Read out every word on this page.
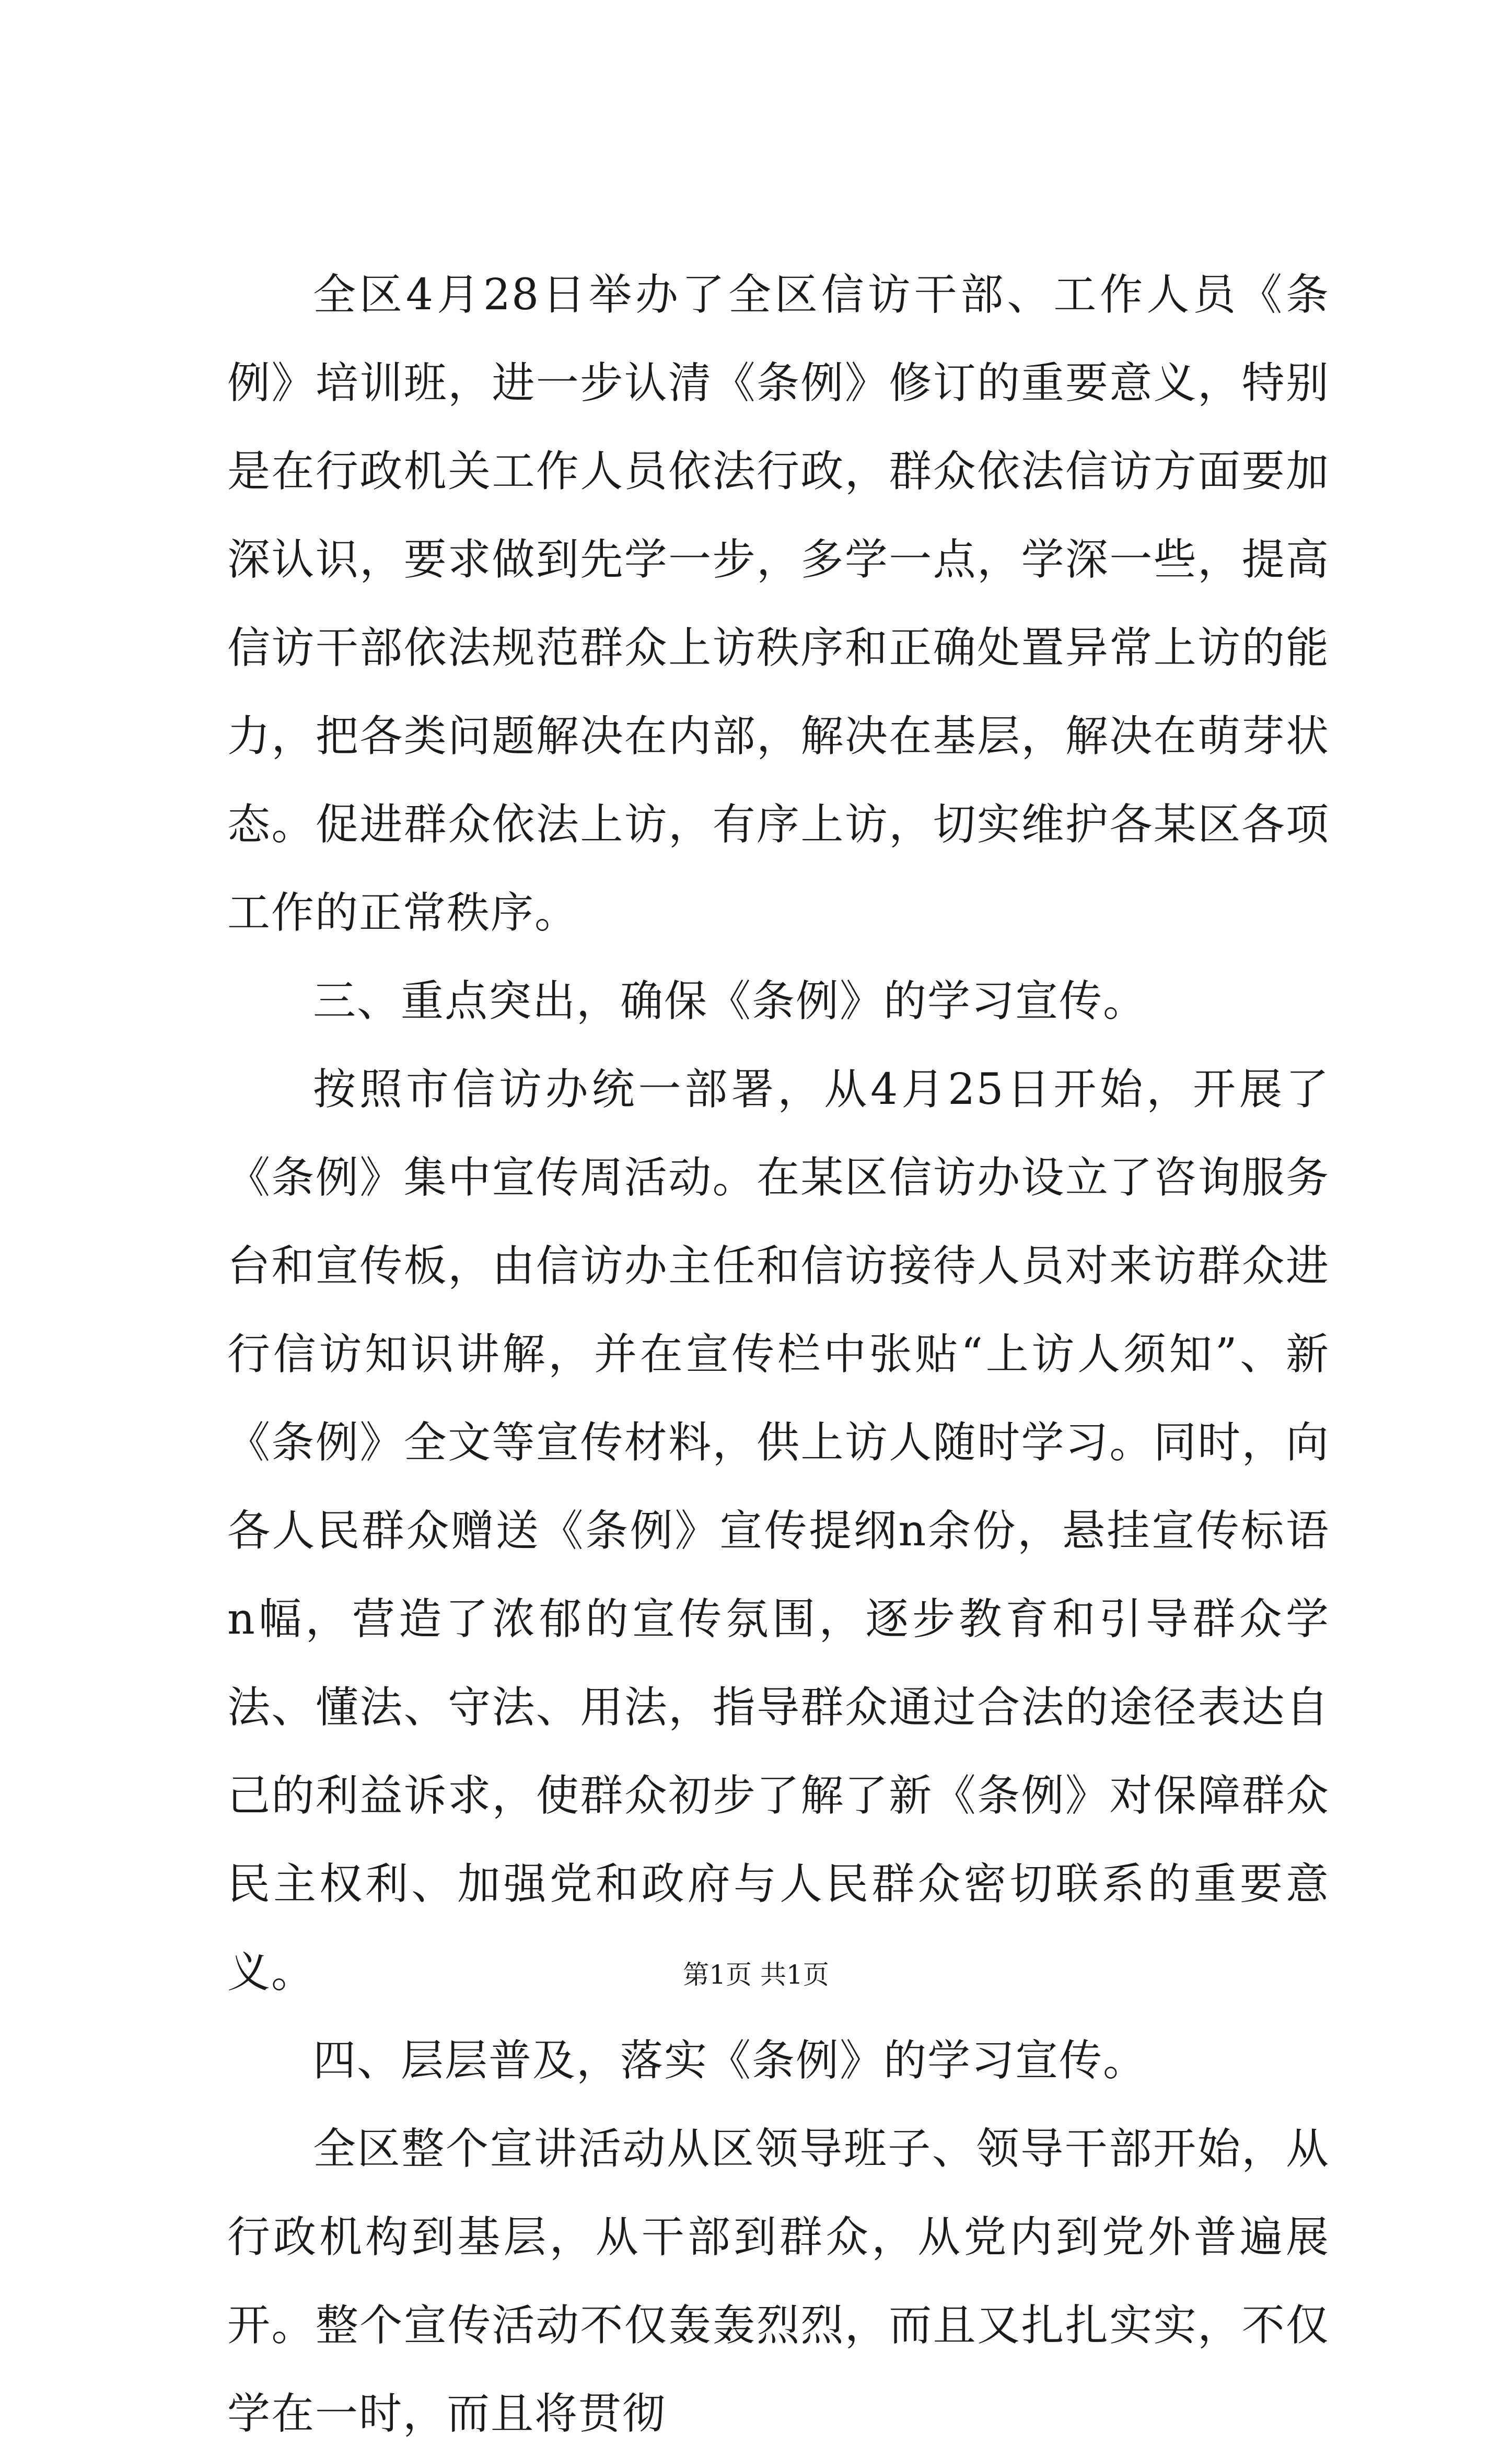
全区4月28日举办了全区信访干部、工作人员《条例》培训班，进一步认清《条例》修订的重要意义，特别是在行政机关工作人员依法行政，群众依法信访方面要加深认识，要求做到先学一步，多学一点，学深一些，提高信访干部依法规范群众上访秩序和正确处置异常上访的能力，把各类问题解决在内部，解决在基层，解决在萌芽状态。促进群众依法上访，有序上访，切实维护各某区各项工作的正常秩序。

三、重点突出，确保《条例》的学习宣传。

按照市信访办统一部署，从4月25日开始，开展了《条例》集中宣传周活动。在某区信访办设立了咨询服务台和宣传板，由信访办主任和信访接待人员对来访群众进行信访知识讲解，并在宣传栏中张贴“上访人须知”、新《条例》全文等宣传材料，供上访人随时学习。同时，向各人民群众赠送《条例》宣传提纲n余份，悬挂宣传标语n幅，营造了浓郁的宣传氛围，逐步教育和引导群众学法、懂法、守法、用法，指导群众通过合法的途径表达自己的利益诉求，使群众初步了解了新《条例》对保障群众民主权利、加强党和政府与人民群众密切联系的重要意义。

四、层层普及，落实《条例》的学习宣传。

全区整个宣讲活动从区领导班子、领导干部开始，从行政机构到基层，从干部到群众，从党内到党外普遍展开。整个宣传活动不仅轰轰烈烈，而且又扎扎实实，不仅学在一时，而且将贯彻

第1页 共1页
